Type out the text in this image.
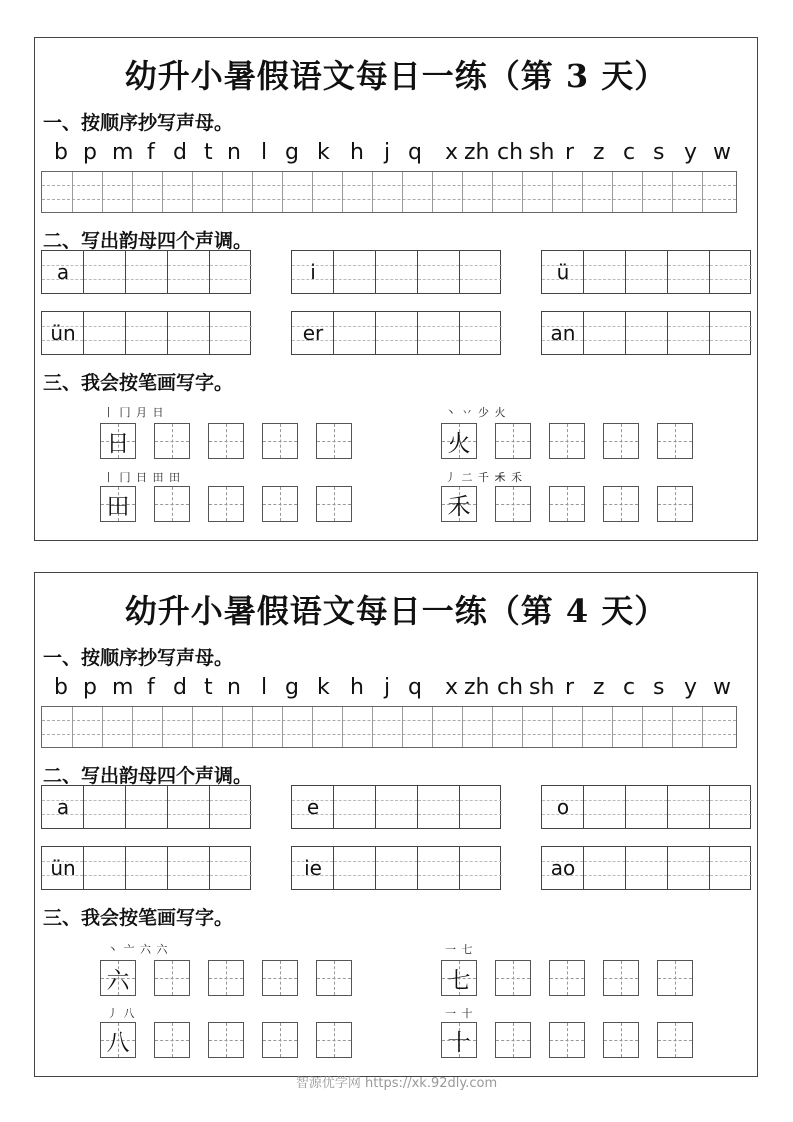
幼升小暑假语文每日一练（第 3 天）
一、按顺序抄写声母。
b p m f d t n l g k h j q x zh ch sh r z c s y w
二、写出韵母四个声调。
a	i	ü
ün	er	an
三、我会按笔画写字。
丨 冂 月 日
日
丶 丷 少 火
火
丨 冂 日 田 田
田
丿 二 千 𥝌 禾
禾
幼升小暑假语文每日一练（第 4 天）
一、按顺序抄写声母。
b p m f d t n l g k h j q x zh ch sh r z c s y w
二、写出韵母四个声调。
a	e	o
ün	ie	ao
三、我会按笔画写字。
丶 亠 六 六
六
一 七
七
丿 八
八
一 十
十
智源优学网 https://xk.92dly.com
